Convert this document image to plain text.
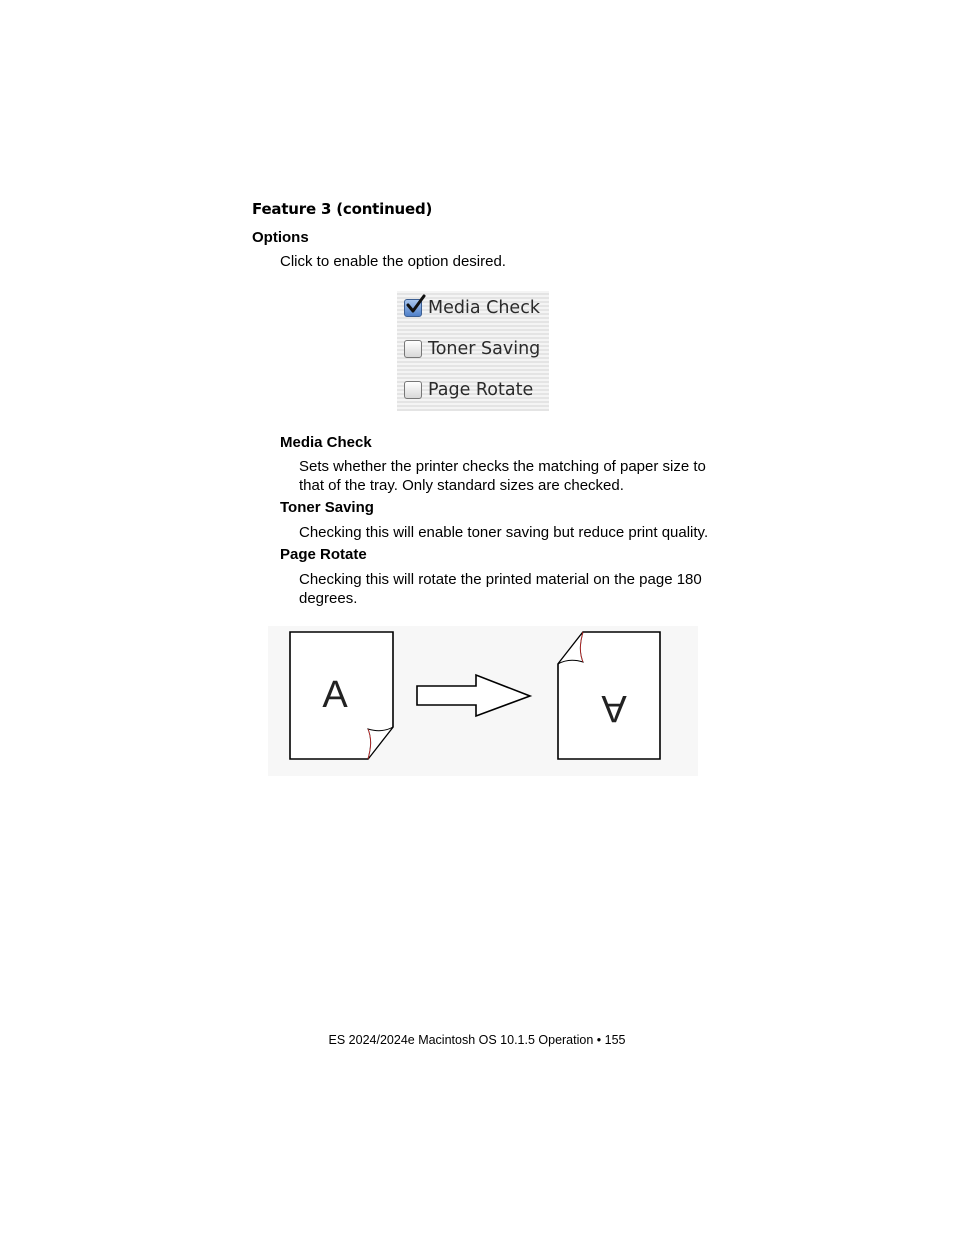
Feature 3 (continued)
Options
Click to enable the option desired.
Media Check
Toner Saving
Page Rotate
Media Check
Sets whether the printer checks the matching of paper size to that of the tray. Only standard sizes are checked.
Toner Saving
Checking this will enable toner saving but reduce print quality.
Page Rotate
Checking this will rotate the printed material on the page 180 degrees.
A	A
ES 2024/2024e Macintosh OS 10.1.5 Operation • 155
